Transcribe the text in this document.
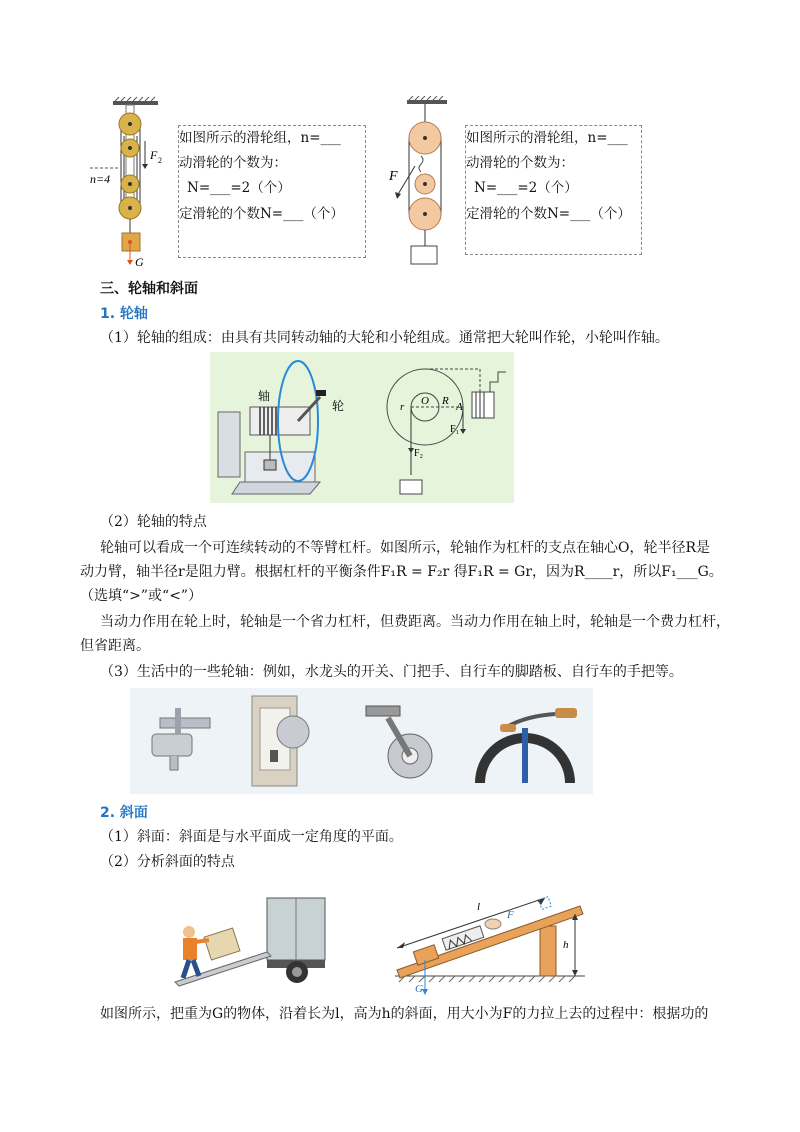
n=4
F 2
G
如图所示的滑轮组，n=___
动滑轮的个数为：
N=___=2（个）
定滑轮的个数N=___（个）
F
如图所示的滑轮组，n=___
动滑轮的个数为：
N=___=2（个）
定滑轮的个数N=___（个）
三、轮轴和斜面
1. 轮轴
（1）轮轴的组成：由具有共同转动轴的大轮和小轮组成。通常把大轮叫作轮，小轮叫作轴。
轴
轮	r O R A
F₁
F₂
（2）轮轴的特点
轮轴可以看成一个可连续转动的不等臂杠杆。如图所示，轮轴作为杠杆的支点在轴心O，轮半径R是
动力臂，轴半径r是阻力臂。根据杠杆的平衡条件F₁R = F₂r 得F₁R = Gr，因为R____r，所以F₁___G。
（选填“>”或“<”）
当动力作用在轮上时，轮轴是一个省力杠杆，但费距离。当动力作用在轴上时，轮轴是一个费力杠杆，
但省距离。
（3）生活中的一些轮轴：例如，水龙头的开关、门把手、自行车的脚踏板、自行车的手把等。
2. 斜面
（1）斜面：斜面是与水平面成一定角度的平面。
（2）分析斜面的特点
l
F
h
G
如图所示，把重为G的物体，沿着长为l，高为h的斜面，用大小为F的力拉上去的过程中：根据功的
